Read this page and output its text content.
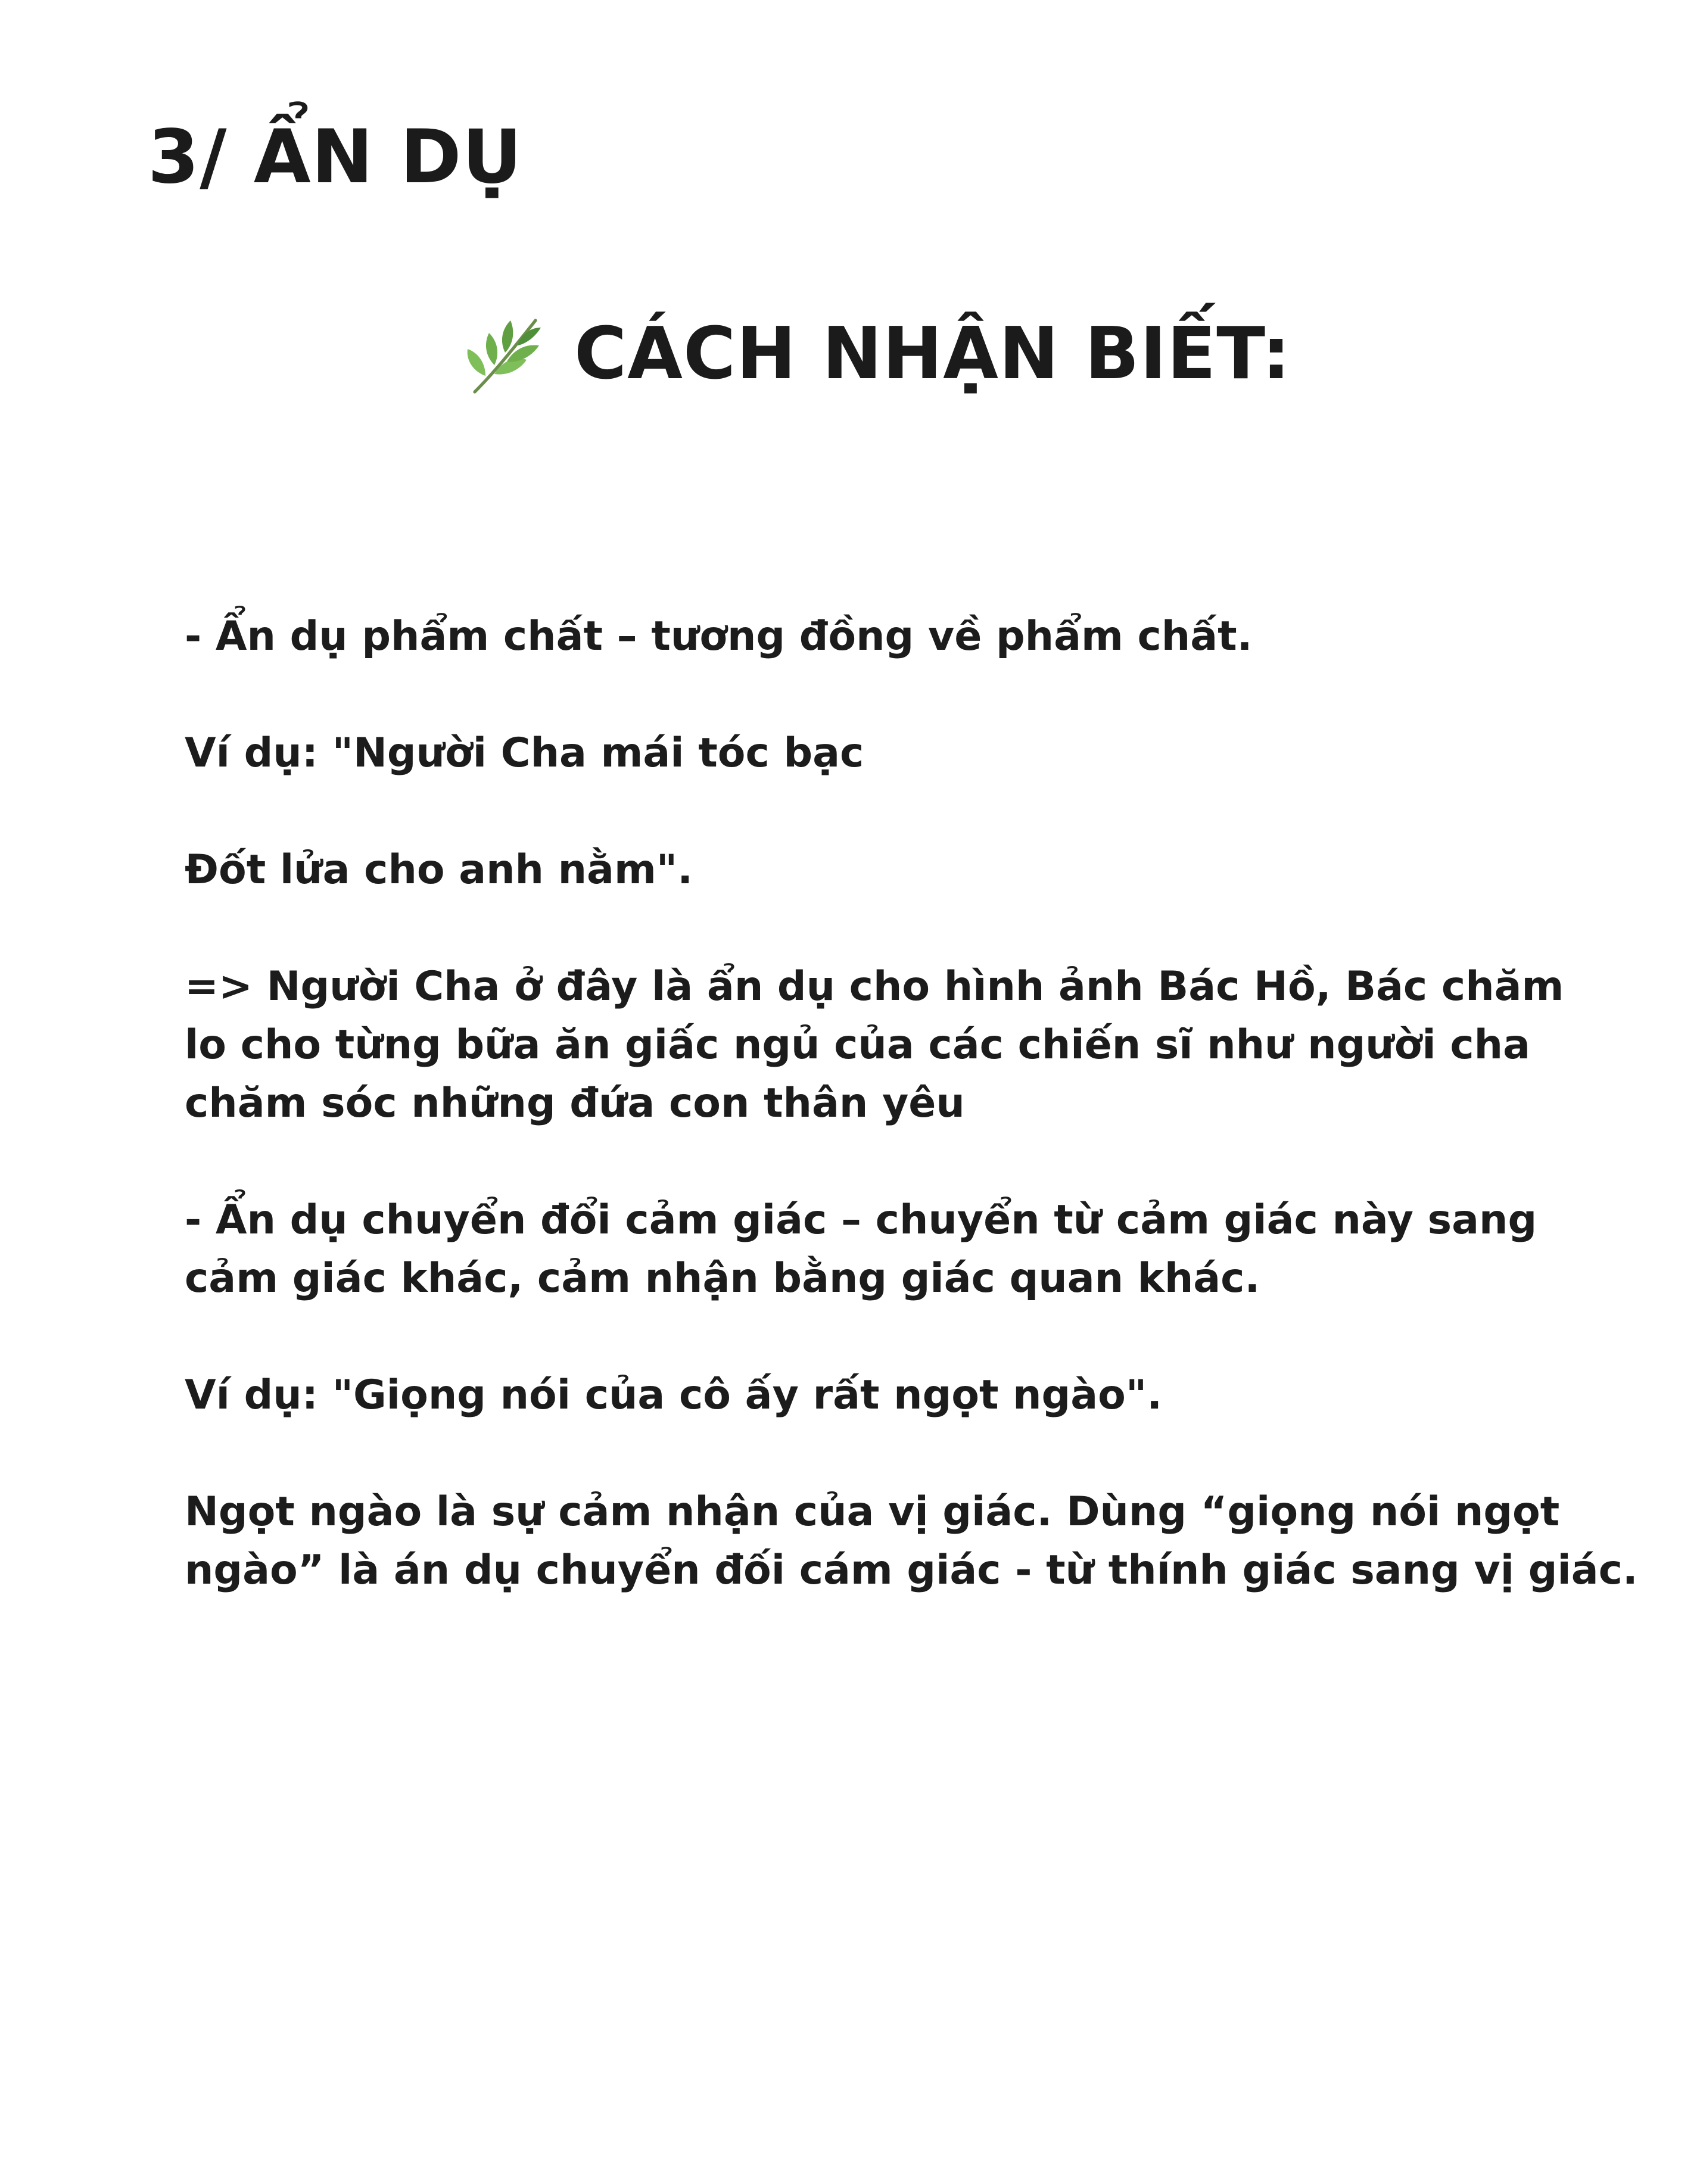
3/ ẨN DỤ
CÁCH NHẬN BIẾT:

- Ẩn dụ phẩm chất – tương đồng về phẩm chất.

Ví dụ: "Người Cha mái tóc bạc

Đốt lửa cho anh nằm".

=> Người Cha ở đây là ẩn dụ cho hình ảnh Bác Hồ, Bác chăm
lo cho từng bữa ăn giấc ngủ của các chiến sĩ như người cha
chăm sóc những đứa con thân yêu

- Ẩn dụ chuyển đổi cảm giác – chuyển từ cảm giác này sang
cảm giác khác, cảm nhận bằng giác quan khác.

Ví dụ: "Giọng nói của cô ấy rất ngọt ngào".

Ngọt ngào là sự cảm nhận của vị giác. Dùng “giọng nói ngọt
ngào” là án dụ chuyển đối cám giác - từ thính giác sang vị giác.
